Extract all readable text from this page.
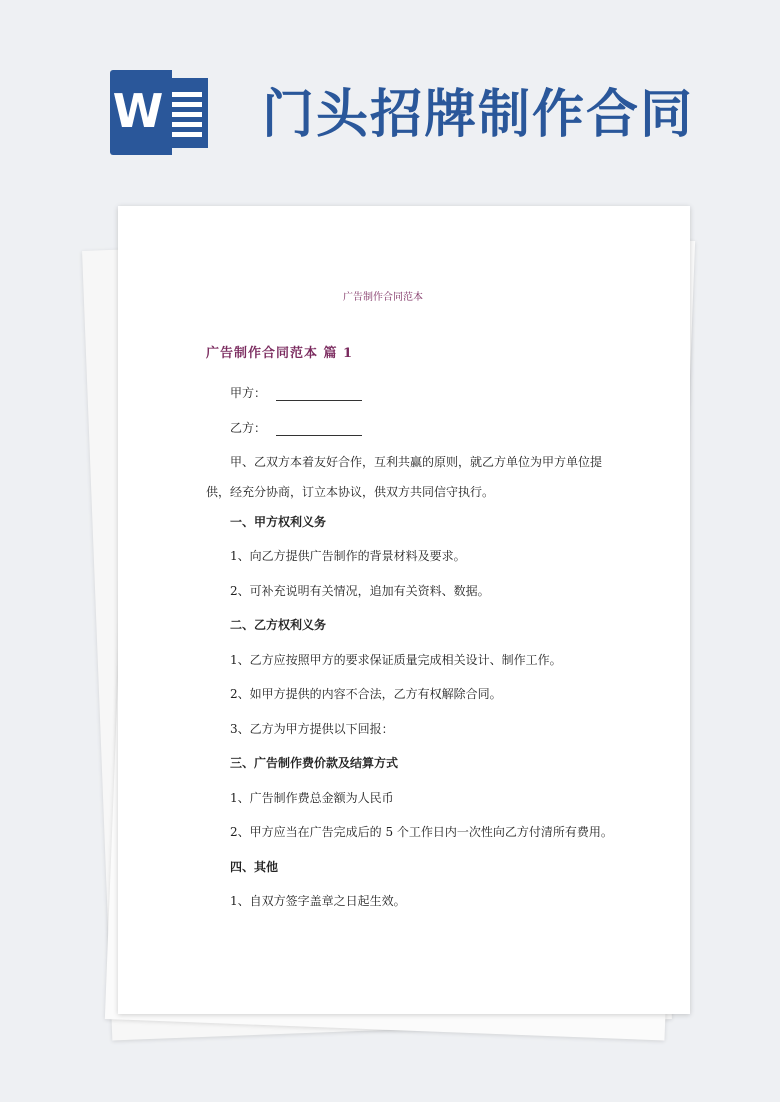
W 门头招牌制作合同
广告制作合同范本
广告制作合同范本 篇 1
甲方：
乙方：
甲、乙双方本着友好合作，互利共赢的原则，就乙方单位为甲方单位提供，经充分协商，订立本协议，供双方共同信守执行。
一、甲方权利义务
1、向乙方提供广告制作的背景材料及要求。
2、可补充说明有关情况，追加有关资料、数据。
二、乙方权利义务
1、乙方应按照甲方的要求保证质量完成相关设计、制作工作。
2、如甲方提供的内容不合法，乙方有权解除合同。
3、乙方为甲方提供以下回报：
三、广告制作费价款及结算方式
1、广告制作费总金额为人民币
2、甲方应当在广告完成后的 5 个工作日内一次性向乙方付清所有费用。
四、其他
1、自双方签字盖章之日起生效。
